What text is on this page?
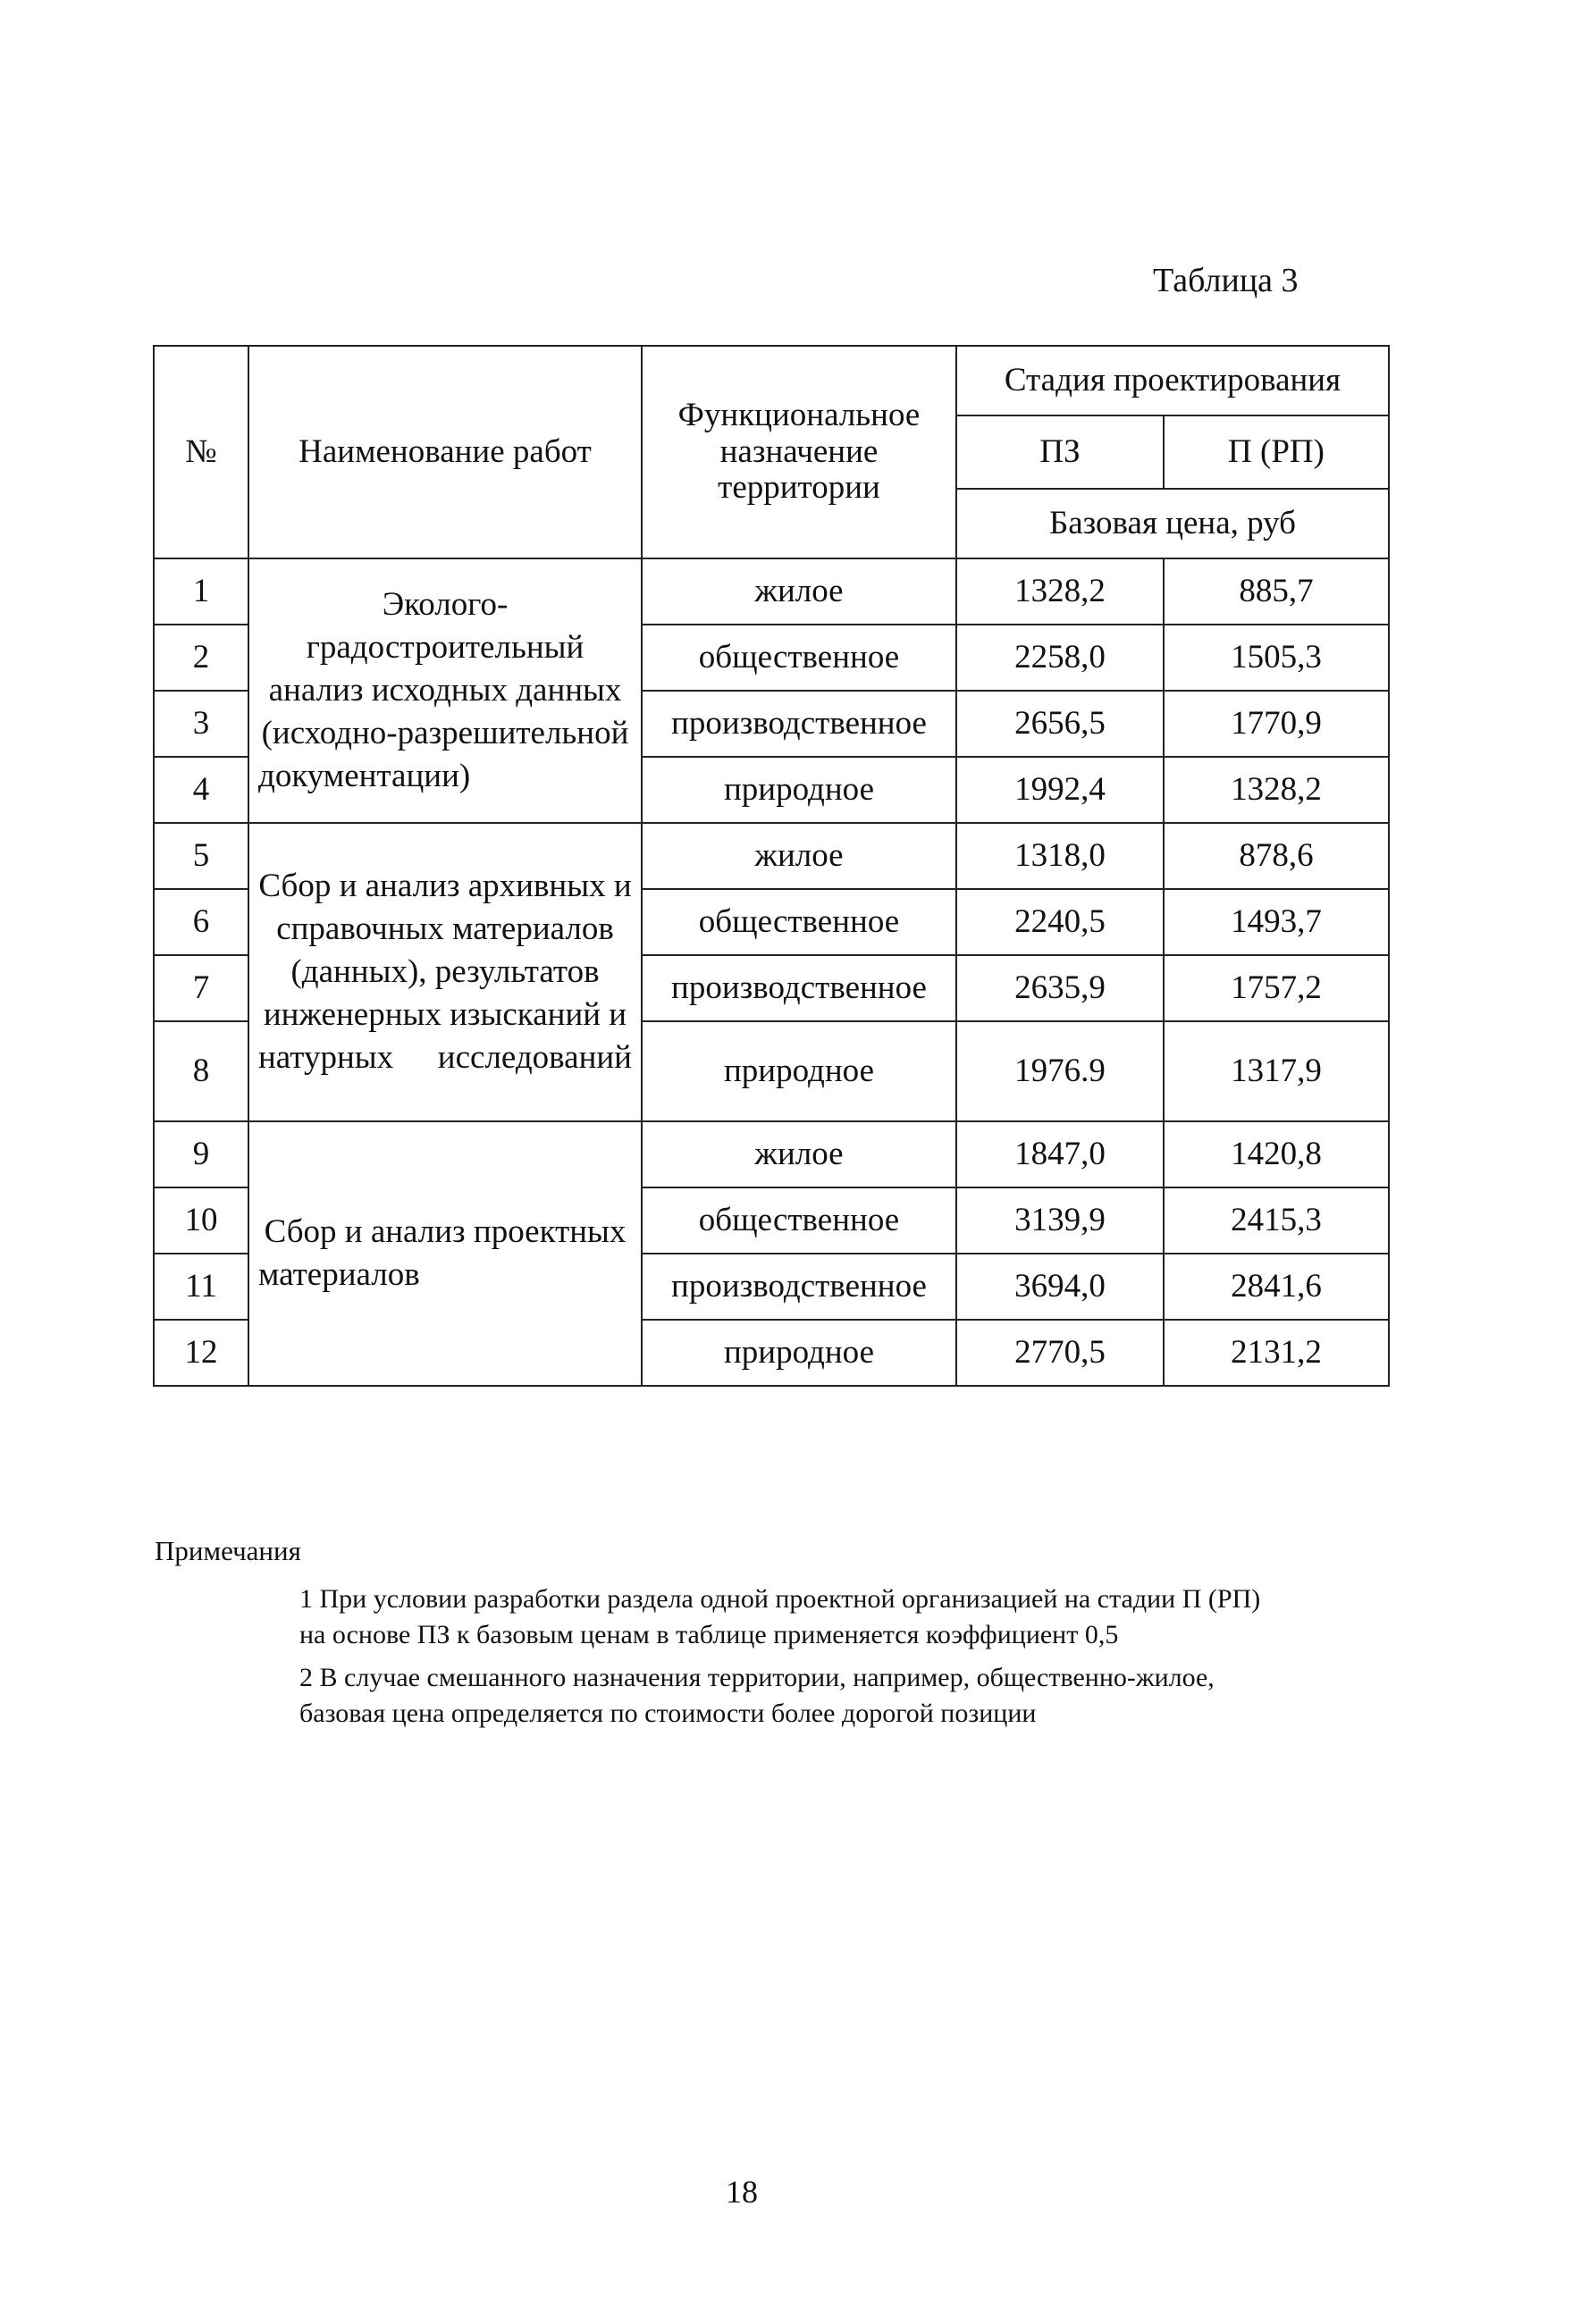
Таблица 3
№	Наименование работ	Функциональное назначение территории	Стадия проектирования	
			ПЗ	П (РП)
			Базовая цена, руб	
1	Эколого-градостроительный анализ исходных данных (исходно-разрешительной документации)	жилое	1328,2	885,7
2		общественное	2258,0	1505,3
3		производственное	2656,5	1770,9
4		природное	1992,4	1328,2
5	Сбор и анализ архивных и справочных материалов (данных), результатов инженерных изысканий и натурных исследований	жилое	1318,0	878,6
6		общественное	2240,5	1493,7
7		производственное	2635,9	1757,2
8		природное	1976.9	1317,9
9	Сбор и анализ проектных материалов	жилое	1847,0	1420,8
10		общественное	3139,9	2415,3
11		производственное	3694,0	2841,6
12		природное	2770,5	2131,2
Примечания

1 При условии разработки раздела одной проектной организацией на стадии П (РП) на основе ПЗ к базовым ценам в таблице применяется коэффициент 0,5

2 В случае смешанного назначения территории, например, общественно-жилое, базовая цена определяется по стоимости более дорогой позиции

18
